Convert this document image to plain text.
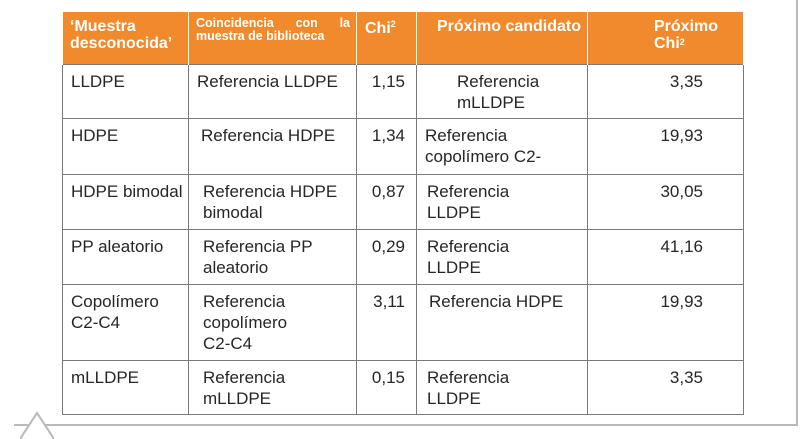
‘Muestra desconocida’	Coincidencia con la muestra de biblioteca	Chi$^2$	Próximo candidato	Próximo Chi$^2$

LLDPE	Referencia LLDPE	1,15	Referencia mLLDPE	3,35
HDPE	Referencia HDPE	1,34	Referencia copolímero C2-	19,93
HDPE bimodal	Referencia HDPE bimodal	0,87	Referencia LLDPE	30,05
PP aleatorio	Referencia PP aleatorio	0,29	Referencia LLDPE	41,16
Copolímero C2-C4	Referencia copolímero C2-C4	3,11	Referencia HDPE	19,93
mLLDPE	Referencia mLLDPE	0,15	Referencia LLDPE	3,35
